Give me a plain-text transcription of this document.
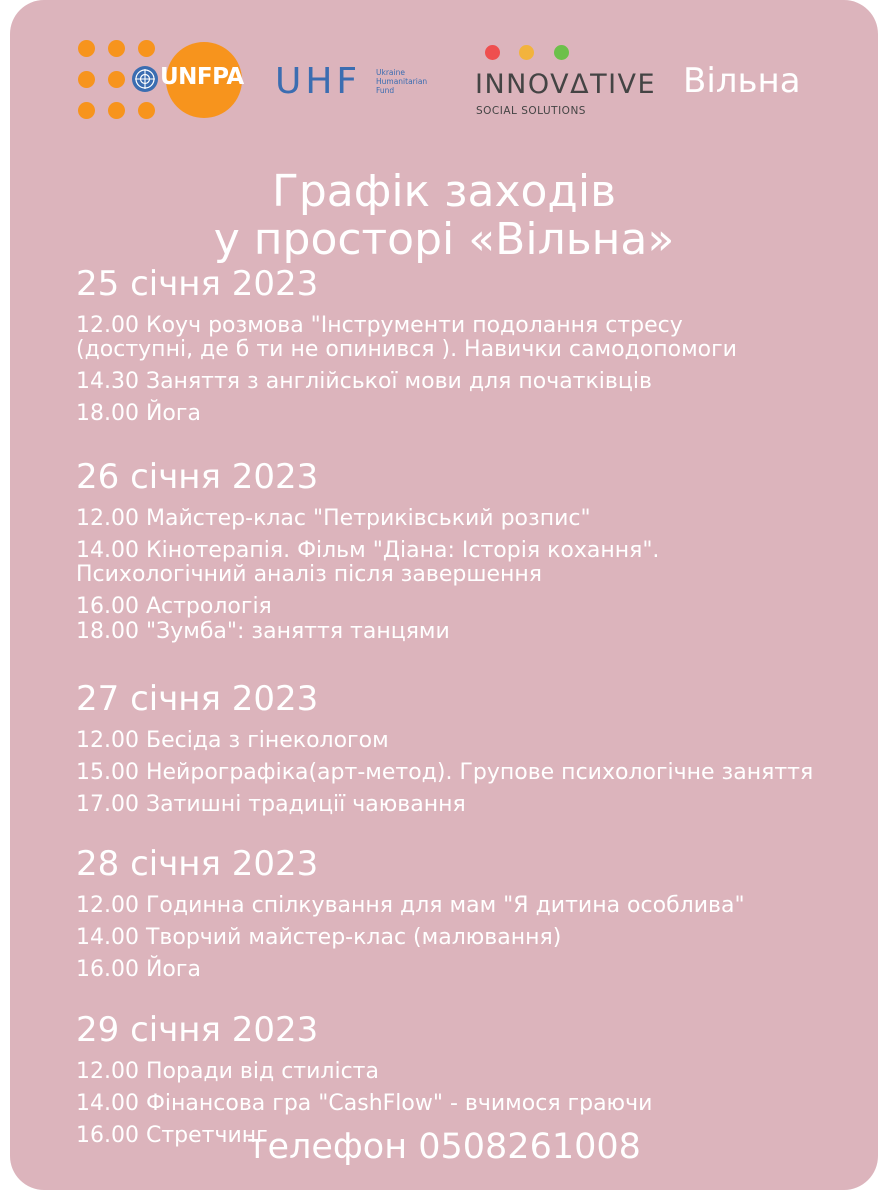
UNFPA UHF Ukraine
Humanitarian
Fund	INNOVΔTIVE
SOCIAL SOLUTIONS
Вільна
Графік заходів
у просторі «Вільна»
25 січня 2023
12.00 Коуч розмова "Інструменти подолання стресу
(доступні, де б ти не опинився ). Навички самодопомоги
14.30 Заняття з англійської мови для початківців
18.00 Йога
26 січня 2023
12.00 Майстер-клас "Петриківський розпис"
14.00 Кінотерапія. Фільм "Діана: Історія кохання".
Психологічний аналіз після завершення
16.00 Астрологія
18.00 "Зумба": заняття танцями
27 січня 2023
12.00 Бесіда з гінекологом
15.00 Нейрографіка(арт-метод). Групове психологічне заняття
17.00 Затишні традиції чаювання
28 січня 2023
12.00 Годинна спілкування для мам "Я дитина особлива"
14.00 Творчий майстер-клас (малювання)
16.00 Йога
29 січня 2023
12.00 Поради від стиліста
14.00 Фінансова гра "CashFlow" - вчимося граючи
16.00 Стретчинг
телефон 0508261008
